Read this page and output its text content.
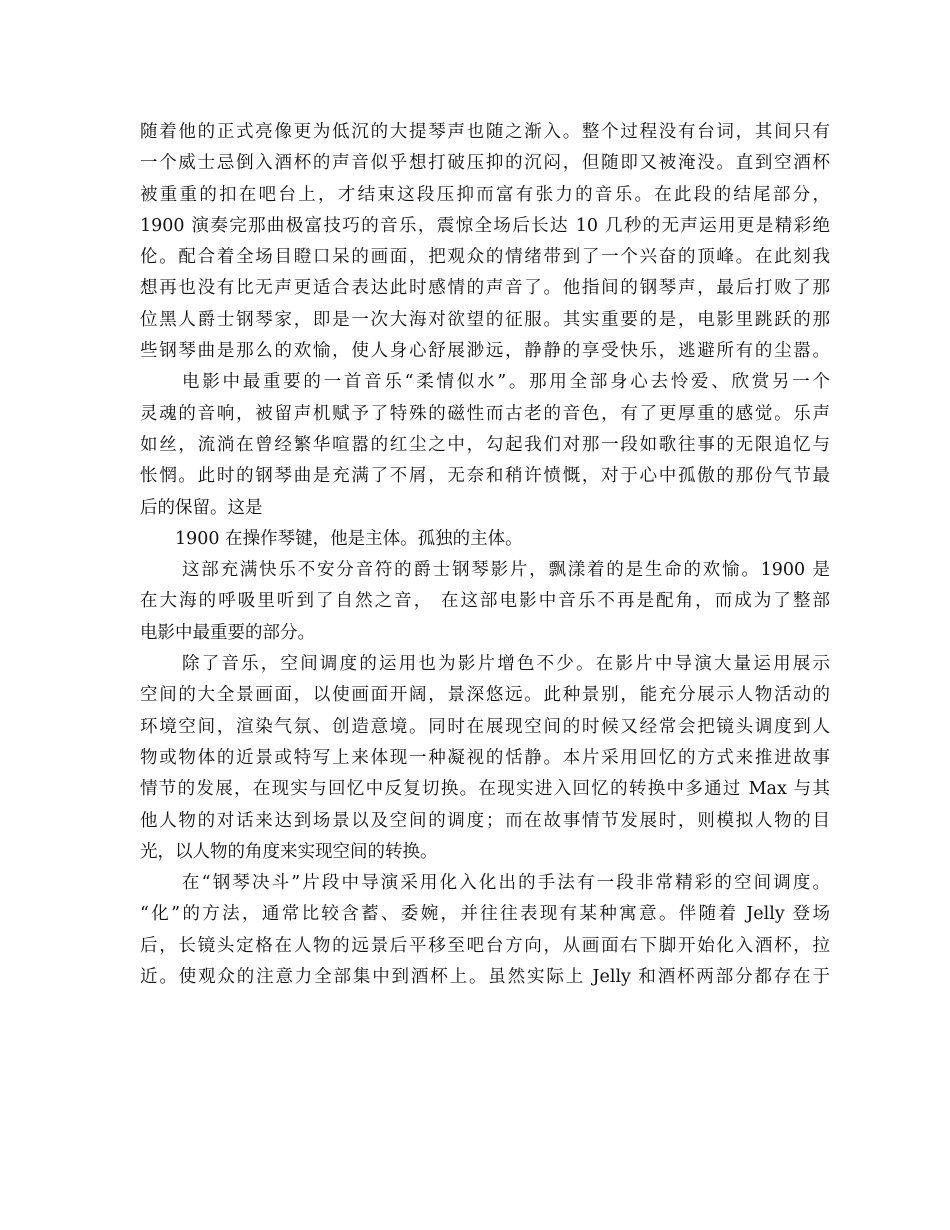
随着他的正式亮像更为低沉的大提琴声也随之渐入。整个过程没有台词，其间只有
一个威士忌倒入酒杯的声音似乎想打破压抑的沉闷，但随即又被淹没。直到空酒杯
被重重的扣在吧台上，才结束这段压抑而富有张力的音乐。在此段的结尾部分，
1900 演奏完那曲极富技巧的音乐，震惊全场后长达 10 几秒的无声运用更是精彩绝
伦。配合着全场目瞪口呆的画面，把观众的情绪带到了一个兴奋的顶峰。在此刻我
想再也没有比无声更适合表达此时感情的声音了。他指间的钢琴声，最后打败了那
位黑人爵士钢琴家，即是一次大海对欲望的征服。其实重要的是，电影里跳跃的那
些钢琴曲是那么的欢愉，使人身心舒展渺远，静静的享受快乐，逃避所有的尘嚣。
电影中最重要的一首音乐“柔情似水”。那用全部身心去怜爱、欣赏另一个
灵魂的音响，被留声机赋予了特殊的磁性而古老的音色，有了更厚重的感觉。乐声
如丝，流淌在曾经繁华喧嚣的红尘之中，勾起我们对那一段如歌往事的无限追忆与
怅惘。此时的钢琴曲是充满了不屑，无奈和稍许愤慨，对于心中孤傲的那份气节最
后的保留。这是
1900 在操作琴键，他是主体。孤独的主体。
这部充满快乐不安分音符的爵士钢琴影片，飘漾着的是生命的欢愉。1900 是
在大海的呼吸里听到了自然之音， 在这部电影中音乐不再是配角，而成为了整部
电影中最重要的部分。
除了音乐，空间调度的运用也为影片增色不少。在影片中导演大量运用展示
空间的大全景画面，以使画面开阔，景深悠远。此种景别，能充分展示人物活动的
环境空间，渲染气氛、创造意境。同时在展现空间的时候又经常会把镜头调度到人
物或物体的近景或特写上来体现一种凝视的恬静。本片采用回忆的方式来推进故事
情节的发展，在现实与回忆中反复切换。在现实进入回忆的转换中多通过 Max 与其
他人物的对话来达到场景以及空间的调度；而在故事情节发展时，则模拟人物的目
光，以人物的角度来实现空间的转换。
在“钢琴决斗”片段中导演采用化入化出的手法有一段非常精彩的空间调度。
“化”的方法，通常比较含蓄、委婉，并往往表现有某种寓意。伴随着 Jelly 登场
后，长镜头定格在人物的远景后平移至吧台方向，从画面右下脚开始化入酒杯，拉
近。使观众的注意力全部集中到酒杯上。虽然实际上 Jelly 和酒杯两部分都存在于
